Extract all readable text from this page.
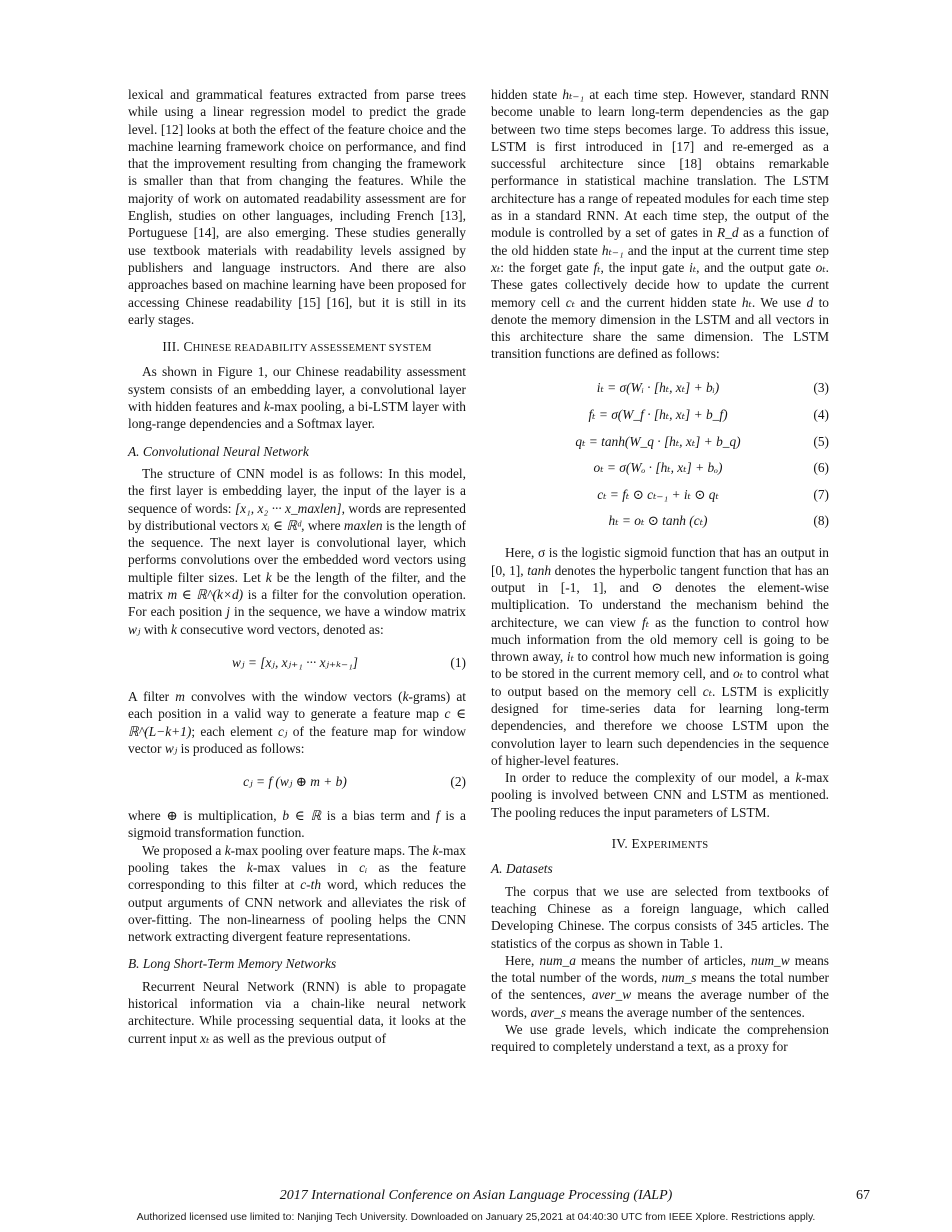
lexical and grammatical features extracted from parse trees while using a linear regression model to predict the grade level. [12] looks at both the effect of the feature choice and the machine learning framework choice on performance, and find that the improvement resulting from changing the framework is smaller than that from changing the features. While the majority of work on automated readability assessment are for English, studies on other languages, including French [13], Portuguese [14], are also emerging. These studies generally use textbook materials with readability levels assigned by publishers and language instructors. And there are also approaches based on machine learning have been proposed for accessing Chinese readability [15] [16], but it is still in its early stages.

III. CHINESE READABILITY ASSESSEMENT SYSTEM

As shown in Figure 1, our Chinese readability assessment system consists of an embedding layer, a convolutional layer with hidden features and k-max pooling, a bi-LSTM layer with long-range dependencies and a Softmax layer.

A. Convolutional Neural Network

The structure of CNN model is as follows: In this model, the first layer is embedding layer, the input of the layer is a sequence of words: [x₁, x₂ ··· x_maxlen], words are represented by distributional vectors xᵢ ∈ ℝᵈ, where maxlen is the length of the sequence. The next layer is convolutional layer, which performs convolutions over the embedded word vectors using multiple filter sizes. Let k be the length of the filter, and the matrix m ∈ ℝ^(k×d) is a filter for the convolution operation. For each position j in the sequence, we have a window matrix wⱼ with k consecutive word vectors, denoted as:

wⱼ = [xⱼ, xⱼ₊₁ ··· xⱼ₊ₖ₋₁]	(1)

A filter m convolves with the window vectors (k-grams) at each position in a valid way to generate a feature map c ∈ ℝ^(L−k+1); each element cⱼ of the feature map for window vector wⱼ is produced as follows:

cⱼ = f (wⱼ ⊕ m + b)	(2)

where ⊕ is multiplication, b ∈ ℝ is a bias term and f is a sigmoid transformation function.

We proposed a k-max pooling over feature maps. The k-max pooling takes the k-max values in cᵢ as the feature corresponding to this filter at c-th word, which reduces the output arguments of CNN network and alleviates the risk of over-fitting. The non-linearness of pooling helps the CNN network extracting divergent feature representations.

B. Long Short-Term Memory Networks

Recurrent Neural Network (RNN) is able to propagate historical information via a chain-like neural network architecture. While processing sequential data, it looks at the current input xₜ as well as the previous output of

hidden state hₜ₋₁ at each time step. However, standard RNN become unable to learn long-term dependencies as the gap between two time steps becomes large. To address this issue, LSTM is first introduced in [17] and re-emerged as a successful architecture since [18] obtains remarkable performance in statistical machine translation. The LSTM architecture has a range of repeated modules for each time step as in a standard RNN. At each time step, the output of the module is controlled by a set of gates in R_d as a function of the old hidden state hₜ₋₁ and the input at the current time step xₜ: the forget gate fₜ, the input gate iₜ, and the output gate oₜ. These gates collectively decide how to update the current memory cell cₜ and the current hidden state hₜ. We use d to denote the memory dimension in the LSTM and all vectors in this architecture share the same dimension. The LSTM transition functions are defined as follows:

iₜ = σ(Wᵢ · [hₜ, xₜ] + bᵢ)	(3)
fₜ = σ(W_f · [hₜ, xₜ] + b_f)	(4)
qₜ = tanh(W_q · [hₜ, xₜ] + b_q)	(5)
oₜ = σ(Wₒ · [hₜ, xₜ] + bₒ)	(6)
cₜ = fₜ ⊙ cₜ₋₁ + iₜ ⊙ qₜ	(7)
hₜ = oₜ ⊙ tanh (cₜ)	(8)

Here, σ is the logistic sigmoid function that has an output in [0, 1], tanh denotes the hyperbolic tangent function that has an output in [-1, 1], and ⊙ denotes the element-wise multiplication. To understand the mechanism behind the architecture, we can view fₜ as the function to control how much information from the old memory cell is going to be thrown away, iₜ to control how much new information is going to be stored in the current memory cell, and oₜ to control what to output based on the memory cell cₜ. LSTM is explicitly designed for time-series data for learning long-term dependencies, and therefore we choose LSTM upon the convolution layer to learn such dependencies in the sequence of higher-level features.

In order to reduce the complexity of our model, a k-max pooling is involved between CNN and LSTM as mentioned. The pooling reduces the input parameters of LSTM.

IV. EXPERIMENTS

A. Datasets

The corpus that we use are selected from textbooks of teaching Chinese as a foreign language, which called Developing Chinese. The corpus consists of 345 articles. The statistics of the corpus as shown in Table 1.

Here, num_a means the number of articles, num_w means the total number of the words, num_s means the total number of the sentences, aver_w means the average number of the words, aver_s means the average number of the sentences.

We use grade levels, which indicate the comprehension required to completely understand a text, as a proxy for

2017 International Conference on Asian Language Processing (IALP)	67
Authorized licensed use limited to: Nanjing Tech University. Downloaded on January 25,2021 at 04:40:30 UTC from IEEE Xplore. Restrictions apply.
